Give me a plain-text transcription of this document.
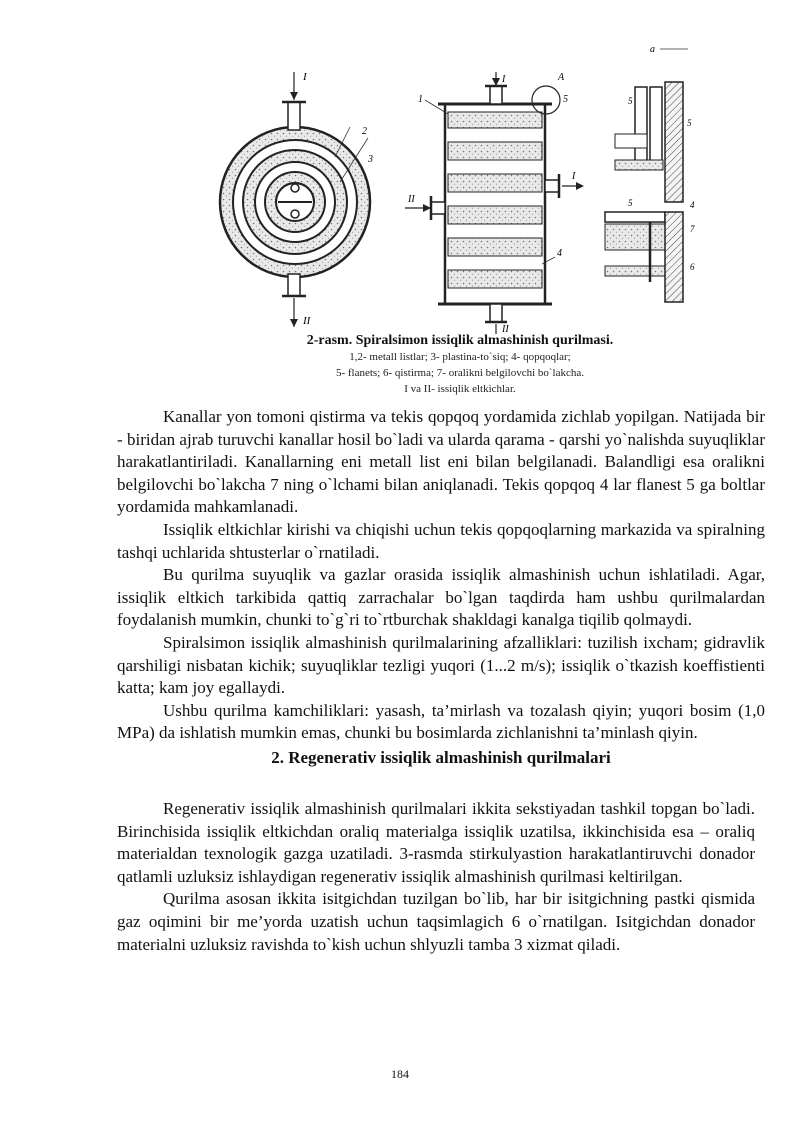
I
II
2
3
I
I
II
II
A
5
1
4
a
5
5
5	4
7
6
2-rasm. Spiralsimon issiqlik almashinish qurilmasi.
1,2- metall listlar; 3- plastina-to`siq; 4- qopqoqlar;
5- flanets; 6- qistirma; 7- oralikni belgilovchi bo`lakcha.
I va II- issiqlik eltkichlar.

Kanallar yon tomoni qistirma va tekis qopqoq yordamida zichlab yopilgan. Natijada bir - biridan ajrab turuvchi kanallar hosil bo`ladi va ularda qarama - qarshi yo`nalishda suyuqliklar harakatlantiriladi. Kanallarning eni metall list eni bilan belgilanadi. Balandligi esa oralikni belgilovchi bo`lakcha 7 ning o`lchami bilan aniqlanadi. Tekis qopqoq 4 lar flanest 5 ga boltlar yordamida mahkamlanadi.

Issiqlik eltkichlar kirishi va chiqishi uchun tekis qopqoqlarning markazida va spiralning tashqi uchlarida shtusterlar o`rnatiladi.

Bu qurilma suyuqlik va gazlar orasida issiqlik almashinish uchun ishlatiladi. Agar, issiqlik eltkich tarkibida qattiq zarrachalar bo`lgan taqdirda ham ushbu qurilmalardan foydalanish mumkin, chunki to`g`ri to`rtburchak shakldagi kanalga tiqilib qolmaydi.

Spiralsimon issiqlik almashinish qurilmalarining afzalliklari: tuzilish ixcham; gidravlik qarshiligi nisbatan kichik; suyuqliklar tezligi yuqori (1...2 m/s); issiqlik o`tkazish koeffistienti katta; kam joy egallaydi.

Ushbu qurilma kamchiliklari: yasash, ta’mirlash va tozalash qiyin; yuqori bosim (1,0 MPa) da ishlatish mumkin emas, chunki bu bosimlarda zichlanishni ta’minlash qiyin.

2. Regenerativ issiqlik almashinish qurilmalari

Regenerativ issiqlik almashinish qurilmalari ikkita sekstiyadan tashkil topgan bo`ladi. Birinchisida issiqlik eltkichdan oraliq materialga issiqlik uzatilsa, ikkinchisida esa – oraliq materialdan texnologik gazga uzatiladi. 3-rasmda stirkulyastion harakatlantiruvchi donador qatlamli uzluksiz ishlaydigan regenerativ issiqlik almashinish qurilmasi keltirilgan.

Qurilma asosan ikkita isitgichdan tuzilgan bo`lib, har bir isitgichning pastki qismida gaz oqimini bir me’yorda uzatish uchun taqsimlagich 6 o`rnatilgan. Isitgichdan donador materialni uzluksiz ravishda to`kish uchun shlyuzli tamba 3 xizmat qiladi.

184
